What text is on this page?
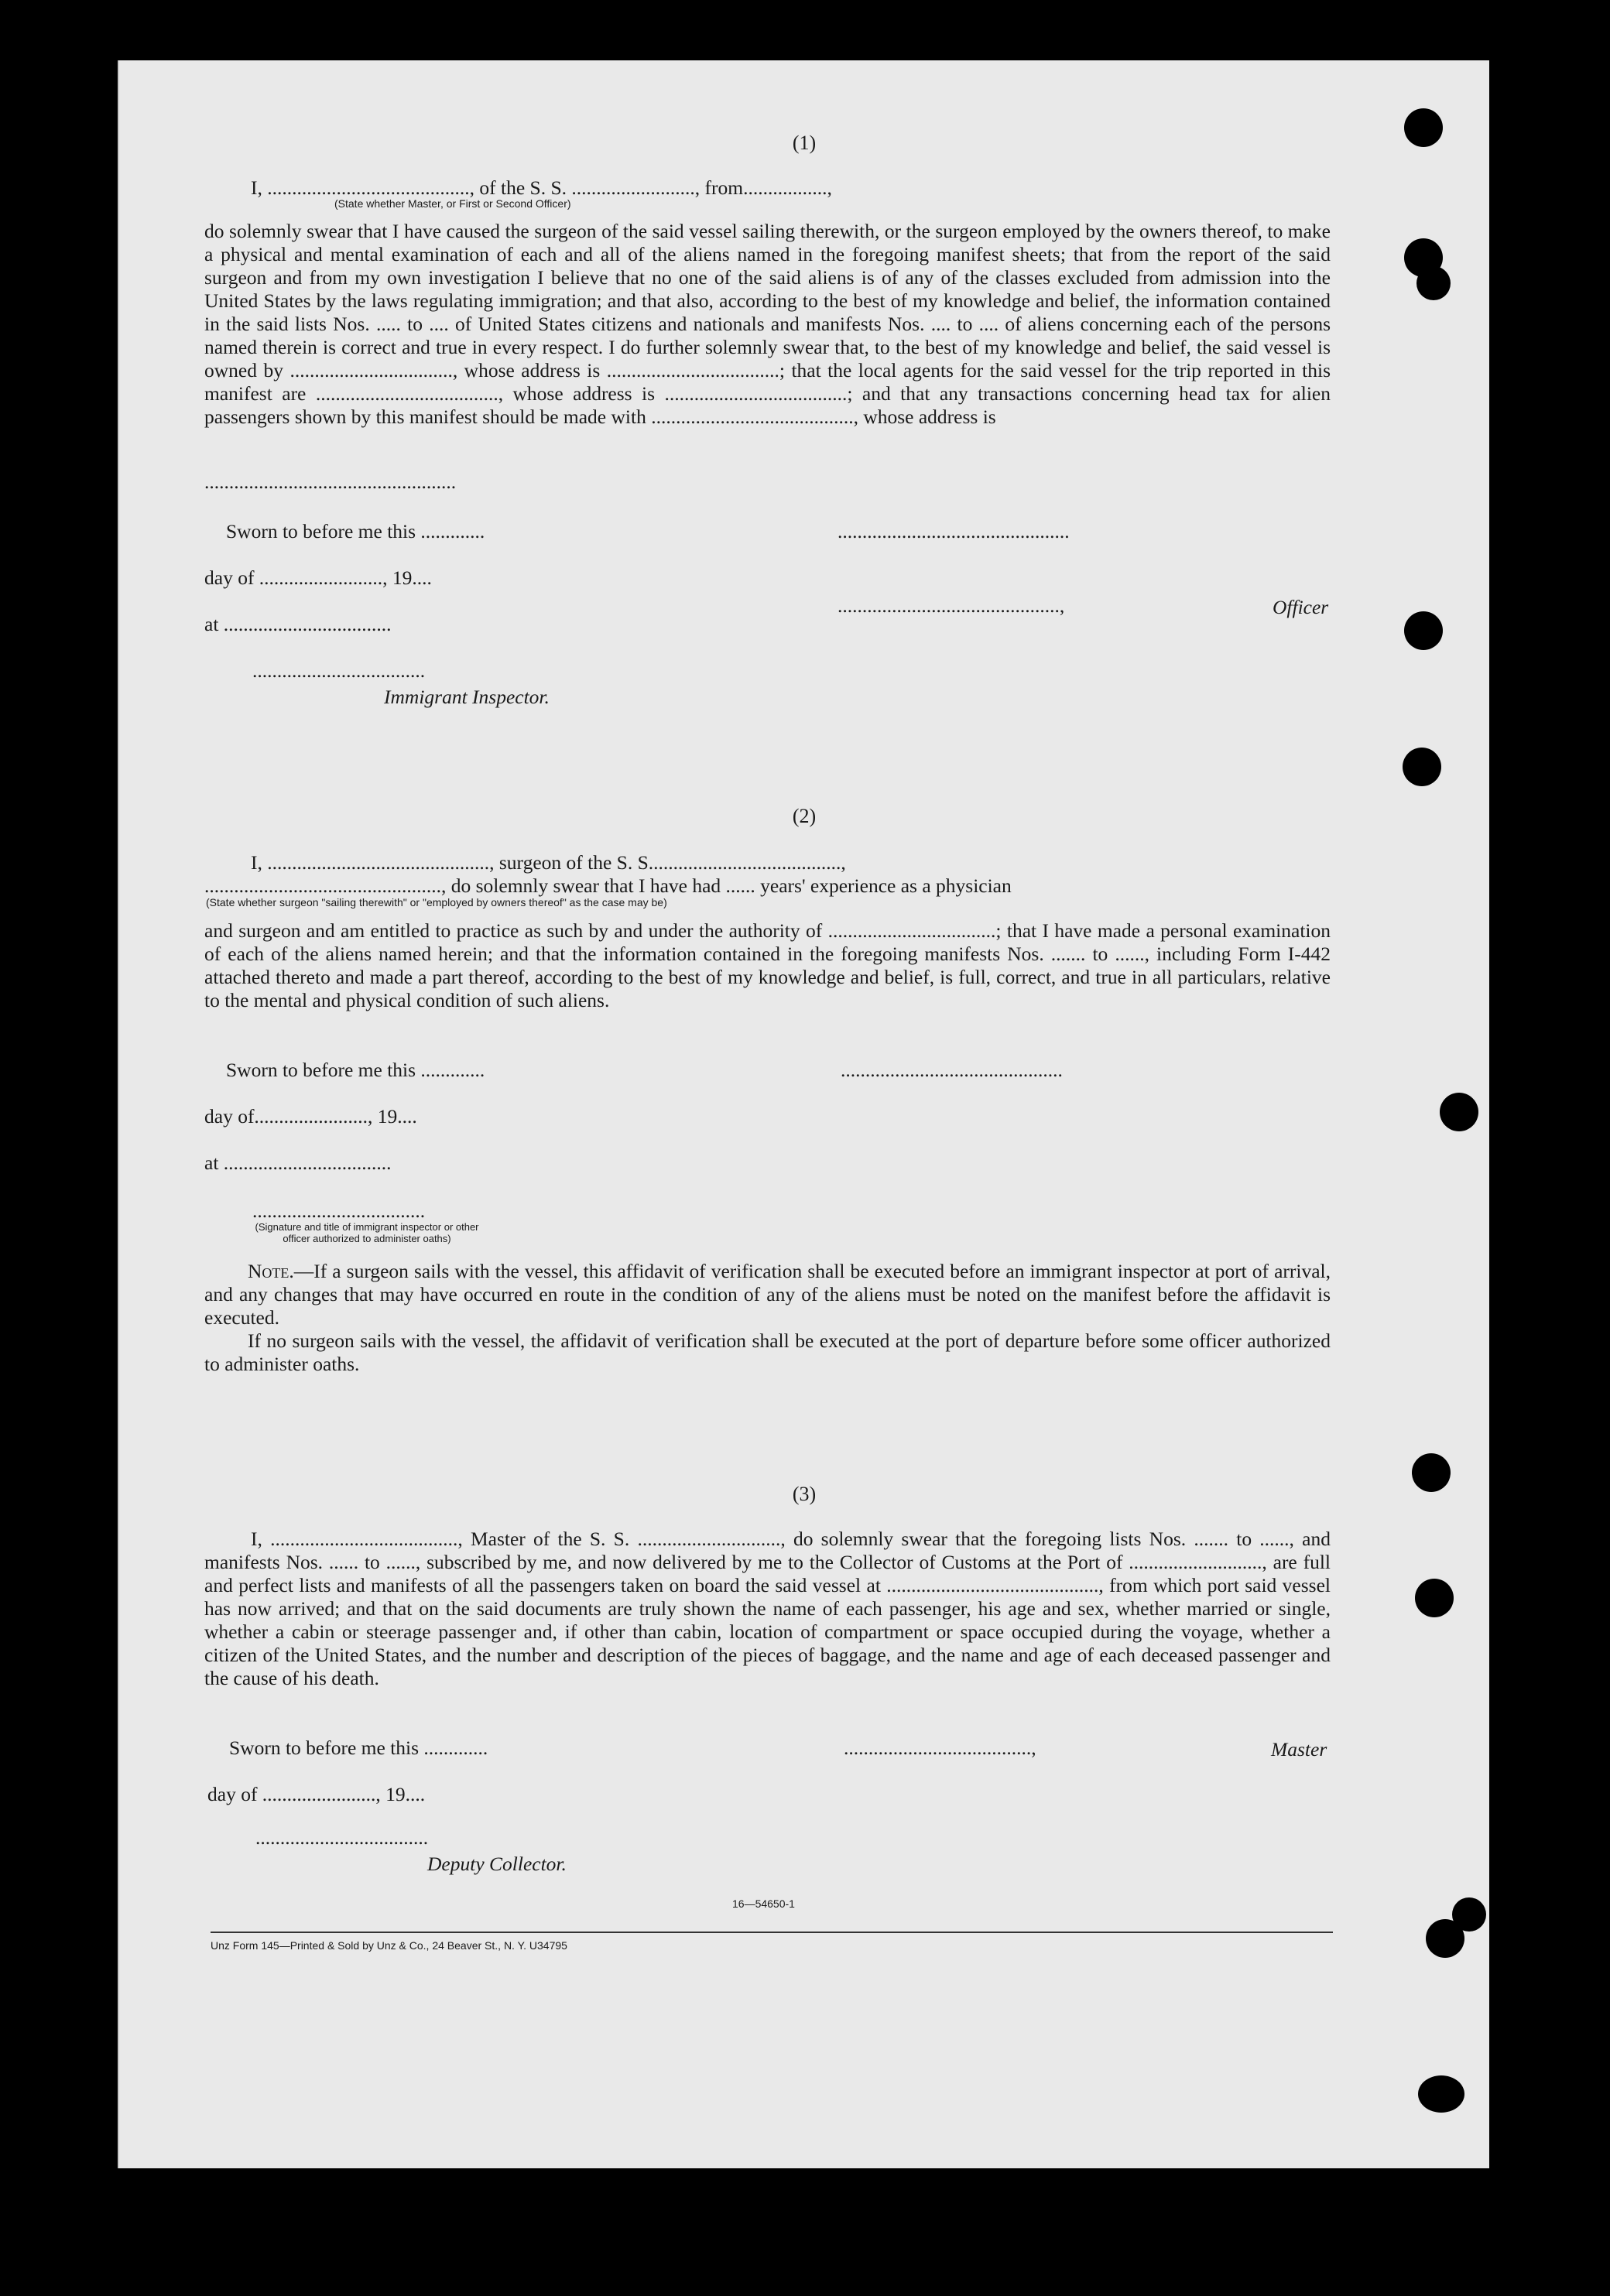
(1)
I, ........................................., of the S. S. ........................., from.................,
(State whether Master, or First or Second Officer)
do solemnly swear that I have caused the surgeon of the said vessel sailing therewith, or the surgeon employed by the owners thereof, to make a physical and mental examination of each and all of the aliens named in the foregoing manifest sheets; that from the report of the said surgeon and from my own investigation I believe that no one of the said aliens is of any of the classes excluded from admission into the United States by the laws regulating immigration; and that also, according to the best of my knowledge and belief, the information contained in the said lists Nos. ..... to .... of United States citizens and nationals and manifests Nos. .... to .... of aliens concerning each of the persons named therein is correct and true in every respect. I do further solemnly swear that, to the best of my knowledge and belief, the said vessel is owned by ................................., whose address is ...................................; that the local agents for the said vessel for the trip reported in this manifest are ....................................., whose address is .....................................; and that any transactions concerning head tax for alien passengers shown by this manifest should be made with ........................................., whose address is
...................................................
Sworn to before me this .............
day of ........................., 19....
at ..................................
...................................
Immigrant Inspector.
...............................................
.............................................,	Officer
(2)
I, ............................................., surgeon of the S. S.......................................,
................................................, do solemnly swear that I have had ...... years' experience as a physician
(State whether surgeon "sailing therewith" or "employed by owners thereof" as the case may be)
and surgeon and am entitled to practice as such by and under the authority of ..................................; that I have made a personal examination of each of the aliens named herein; and that the information contained in the foregoing manifests Nos. ....... to ......, including Form I-442 attached thereto and made a part thereof, according to the best of my knowledge and belief, is full, correct, and true in all particulars, relative to the mental and physical condition of such aliens.
Sworn to before me this .............
day of......................., 19....
at ..................................
.............................................
...................................
(Signature and title of immigrant inspector or other officer authorized to administer oaths)

Note.—If a surgeon sails with the vessel, this affidavit of verification shall be executed before an immigrant inspector at port of arrival, and any changes that may have occurred en route in the condition of any of the aliens must be noted on the manifest before the affidavit is executed.

If no surgeon sails with the vessel, the affidavit of verification shall be executed at the port of departure before some officer authorized to administer oaths.

(3)
I, ......................................, Master of the S. S. ............................., do solemnly swear that the foregoing lists Nos. ....... to ......, and manifests Nos. ...... to ......, subscribed by me, and now delivered by me to the Collector of Customs at the Port of ..........................., are full and perfect lists and manifests of all the passengers taken on board the said vessel at ..........................................., from which port said vessel has now arrived; and that on the said documents are truly shown the name of each passenger, his age and sex, whether married or single, whether a cabin or steerage passenger and, if other than cabin, location of compartment or space occupied during the voyage, whether a citizen of the United States, and the number and description of the pieces of baggage, and the name and age of each deceased passenger and the cause of his death.
Sworn to before me this .............
day of ......................., 19....
...................................
Deputy Collector.
......................................,	Master
16—54650-1
Unz Form 145—Printed & Sold by Unz & Co., 24 Beaver St., N. Y. U34795
